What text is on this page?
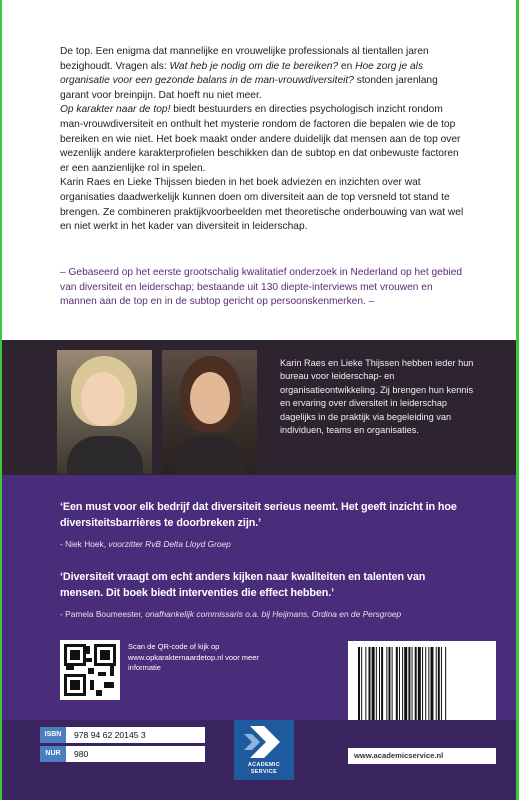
De top. Een enigma dat mannelijke en vrouwelijke professionals al tientallen jaren bezighoudt. Vragen als: Wat heb je nodig om die te bereiken? en Hoe zorg je als organisatie voor een gezonde balans in de man-vrouwdiversiteit? stonden jarenlang garant voor breinpijn. Dat hoeft nu niet meer.

Op karakter naar de top! biedt bestuurders en directies psychologisch inzicht rondom man-vrouwdiversiteit en onthult het mysterie rondom de factoren die bepalen wie de top bereiken en wie niet. Het boek maakt onder andere duidelijk dat mensen aan de top over wezenlijk andere karakterprofielen beschikken dan de subtop en dat onbewuste factoren er een aanzienlijke rol in spelen.

Karin Raes en Lieke Thijssen bieden in het boek adviezen en inzichten over wat organisaties daadwerkelijk kunnen doen om diversiteit aan de top versneld tot stand te brengen. Ze combineren praktijkvoorbeelden met theoretische onderbouwing van wat wel en niet werkt in het kader van diversiteit in leiderschap.

– Gebaseerd op het eerste grootschalig kwalitatief onderzoek in Nederland op het gebied van diversiteit en leiderschap; bestaande uit 130 diepte-interviews met vrouwen en mannen aan de top en in de subtop gericht op persoonskenmerken. –
Karin Raes en Lieke Thijssen hebben ieder hun bureau voor leiderschap- en organisatieontwikkeling. Zij brengen hun kennis en ervaring over diversiteit in leiderschap dagelijks in de praktijk via begeleiding van individuen, teams en organisaties.
‘Een must voor elk bedrijf dat diversiteit serieus neemt. Het geeft inzicht in hoe diversiteitsbarrières te doorbreken zijn.’
- Niek Hoek, voorzitter RvB Delta Lloyd Groep
‘Diversiteit vraagt om echt anders kijken naar kwaliteiten en talenten van mensen. Dit boek biedt interventies die effect hebben.’
- Pamela Boumeester, onafhankelijk commissaris o.a. bij Heijmans, Ordina en de Persgroep
Scan de QR-code of kijk op www.opkarakternaardetop.nl voor meer informatie
ISBN	978 94 62 20145 3
NUR	980
ACADEMIC
SERVICE
www.academicservice.nl
